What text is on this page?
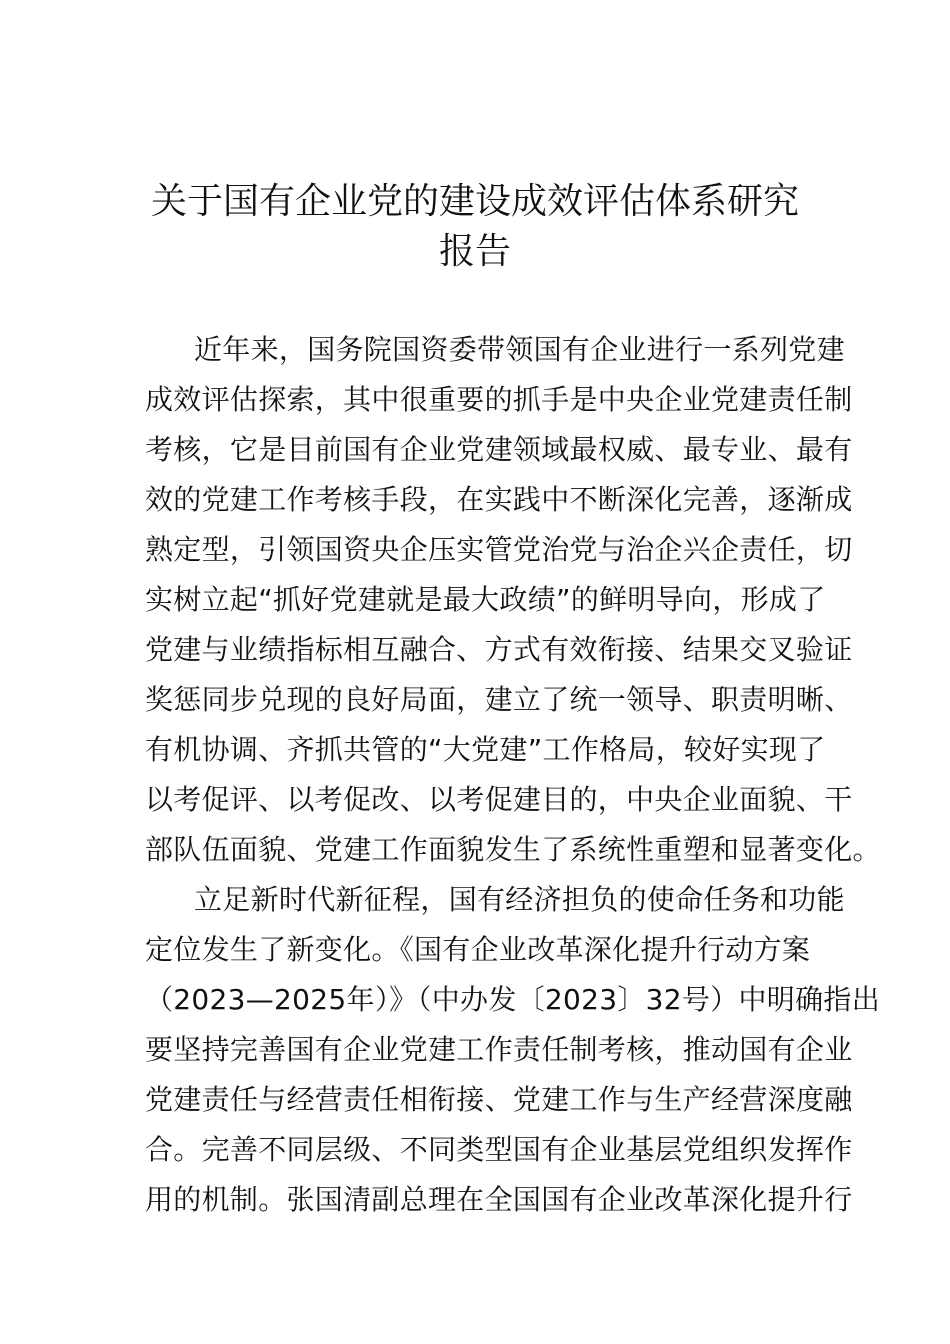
关于国有企业党的建设成效评估体系研究
报告
近年来，国务院国资委带领国有企业进行一系列党建
成效评估探索，其中很重要的抓手是中央企业党建责任制
考核，它是目前国有企业党建领域最权威、最专业、最有
效的党建工作考核手段，在实践中不断深化完善，逐渐成
熟定型，引领国资央企压实管党治党与治企兴企责任，切
实树立起“抓好党建就是最大政绩”的鲜明导向，形成了
党建与业绩指标相互融合、方式有效衔接、结果交叉验证
奖惩同步兑现的良好局面，建立了统一领导、职责明晰、
有机协调、齐抓共管的“大党建”工作格局，较好实现了
以考促评、以考促改、以考促建目的，中央企业面貌、干
部队伍面貌、党建工作面貌发生了系统性重塑和显著变化。
立足新时代新征程，国有经济担负的使命任务和功能
定位发生了新变化。《国有企业改革深化提升行动方案
（2023—2025年）》（中办发〔2023〕32号）中明确指出
要坚持完善国有企业党建工作责任制考核，推动国有企业
党建责任与经营责任相衔接、党建工作与生产经营深度融
合。完善不同层级、不同类型国有企业基层党组织发挥作
用的机制。张国清副总理在全国国有企业改革深化提升行
